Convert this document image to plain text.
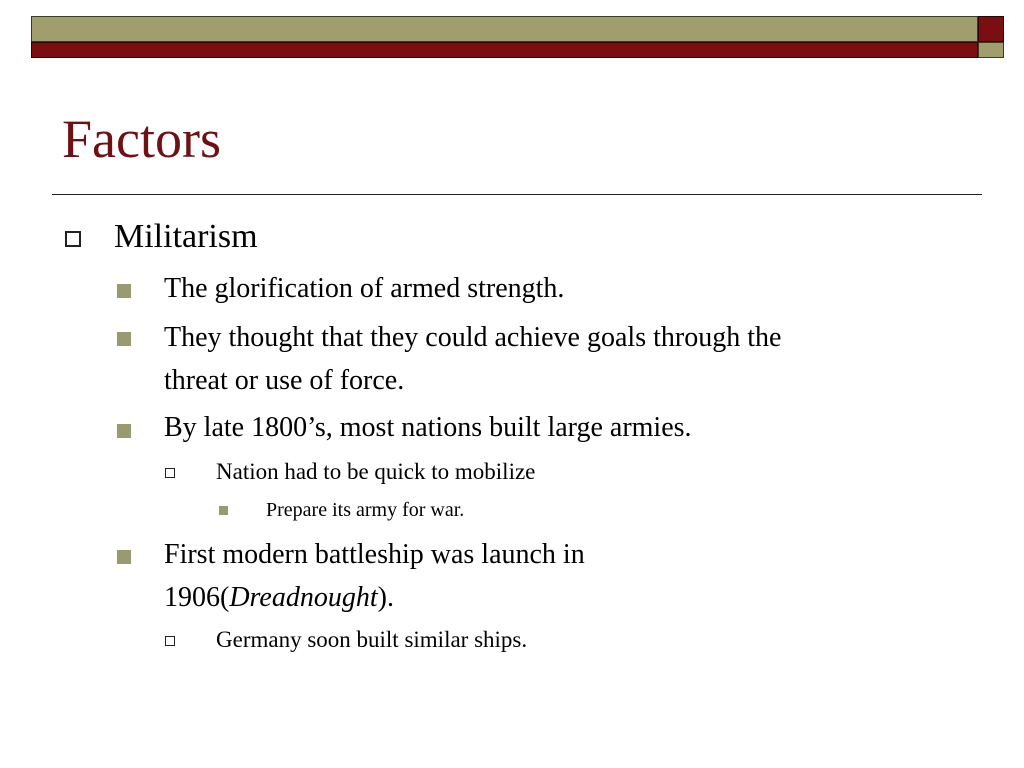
Factors

Militarism

The glorification of armed strength.

They thought that they could achieve goals through the

threat or use of force.

By late 1800’s, most nations built large armies.

Nation had to be quick to mobilize

Prepare its army for war.

First modern battleship was launch in

1906(Dreadnought).

Germany soon built similar ships.
